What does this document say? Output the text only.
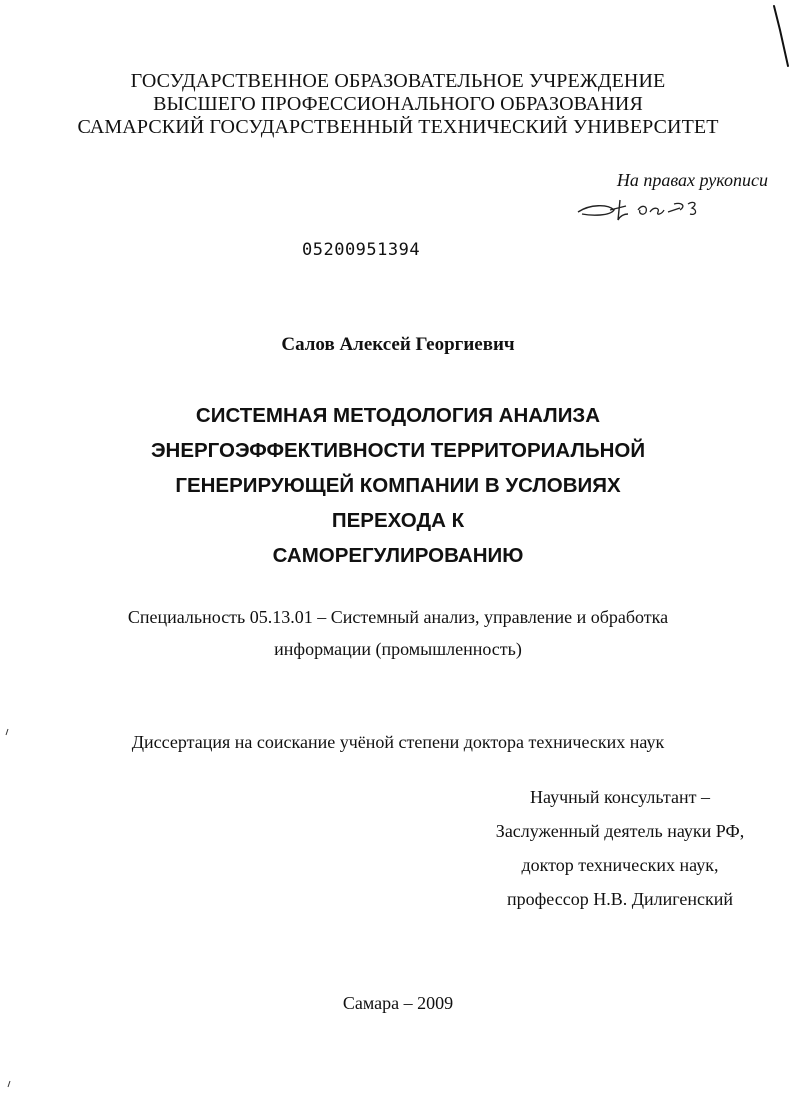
ГОСУДАРСТВЕННОЕ ОБРАЗОВАТЕЛЬНОЕ УЧРЕЖДЕНИЕ
ВЫСШЕГО ПРОФЕССИОНАЛЬНОГО ОБРАЗОВАНИЯ
САМАРСКИЙ ГОСУДАРСТВЕННЫЙ ТЕХНИЧЕСКИЙ УНИВЕРСИТЕТ
На правах рукописи
05200951394
Салов Алексей Георгиевич
СИСТЕМНАЯ МЕТОДОЛОГИЯ АНАЛИЗА
ЭНЕРГОЭФФЕКТИВНОСТИ ТЕРРИТОРИАЛЬНОЙ
ГЕНЕРИРУЮЩЕЙ КОМПАНИИ В УСЛОВИЯХ ПЕРЕХОДА К
САМОРЕГУЛИРОВАНИЮ
Специальность 05.13.01 – Системный анализ, управление и обработка
информации (промышленность)
Диссертация на соискание учёной степени доктора технических наук
Научный консультант –
Заслуженный деятель науки РФ,
доктор технических наук,
профессор Н.В. Дилигенский
Самара – 2009
